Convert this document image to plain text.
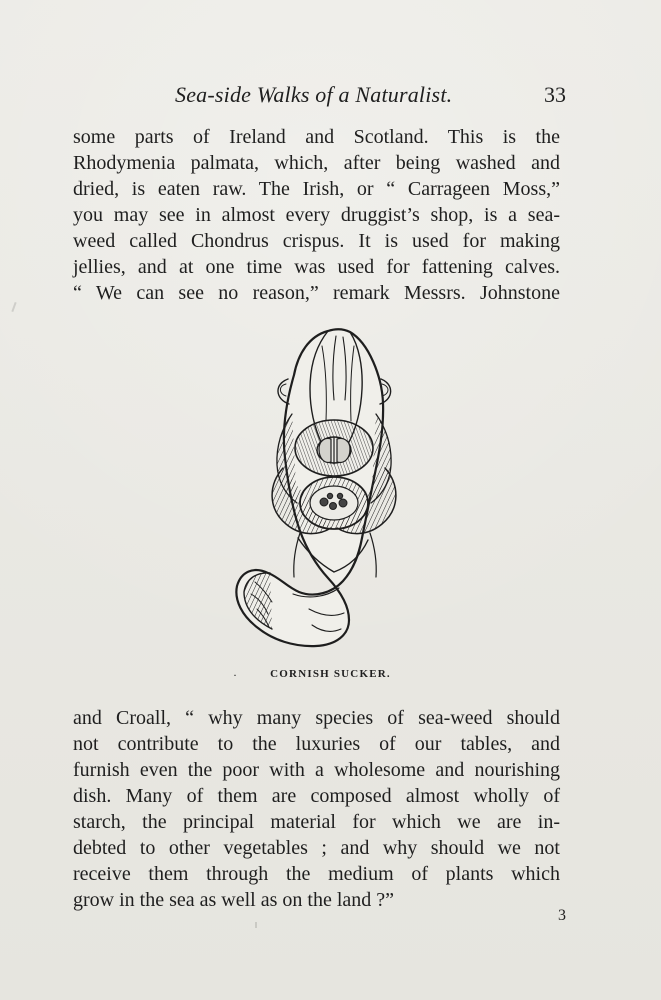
Sea-side Walks of a Naturalist.	33
some parts of Ireland and Scotland. This is the
Rhodymenia palmata, which, after being washed and
dried, is eaten raw. The Irish, or “ Carrageen Moss,”
you may see in almost every druggist’s shop, is a sea-
weed called Chondrus crispus. It is used for making
jellies, and at one time was used for fattening calves.
“ We can see no reason,” remark Messrs. Johnstone
·	CORNISH SUCKER.
and Croall, “ why many species of sea-weed should
not contribute to the luxuries of our tables, and
furnish even the poor with a wholesome and nourishing
dish. Many of them are composed almost wholly of
starch, the principal material for which we are in-
debted to other vegetables ; and why should we not
receive them through the medium of plants which
grow in the sea as well as on the land ?”
3
